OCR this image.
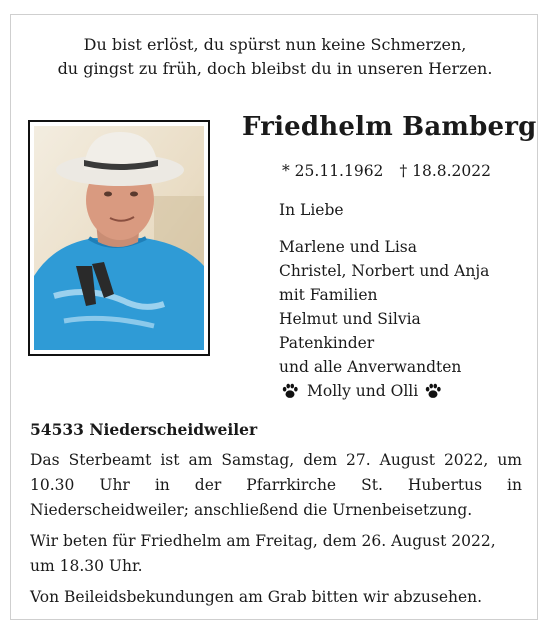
Du bist erlöst, du spürst nun keine Schmerzen,
du gingst zu früh, doch bleibst du in unseren Herzen.
Friedhelm Bamberg
* 25.11.1962 † 18.8.2022
In Liebe
Marlene und Lisa
Christel, Norbert und Anja
mit Familien
Helmut und Silvia
Patenkinder
und alle Anverwandten
Molly und Olli
54533 Niederscheidweiler

Das Sterbeamt ist am Samstag, dem 27. August 2022, um 10.30 Uhr in der Pfarrkirche St. Hubertus in Niederscheidweiler; anschließend die Urnenbeisetzung.

Wir beten für Friedhelm am Freitag, dem 26. August 2022, um 18.30 Uhr.

Von Beileidsbekundungen am Grab bitten wir abzusehen.
